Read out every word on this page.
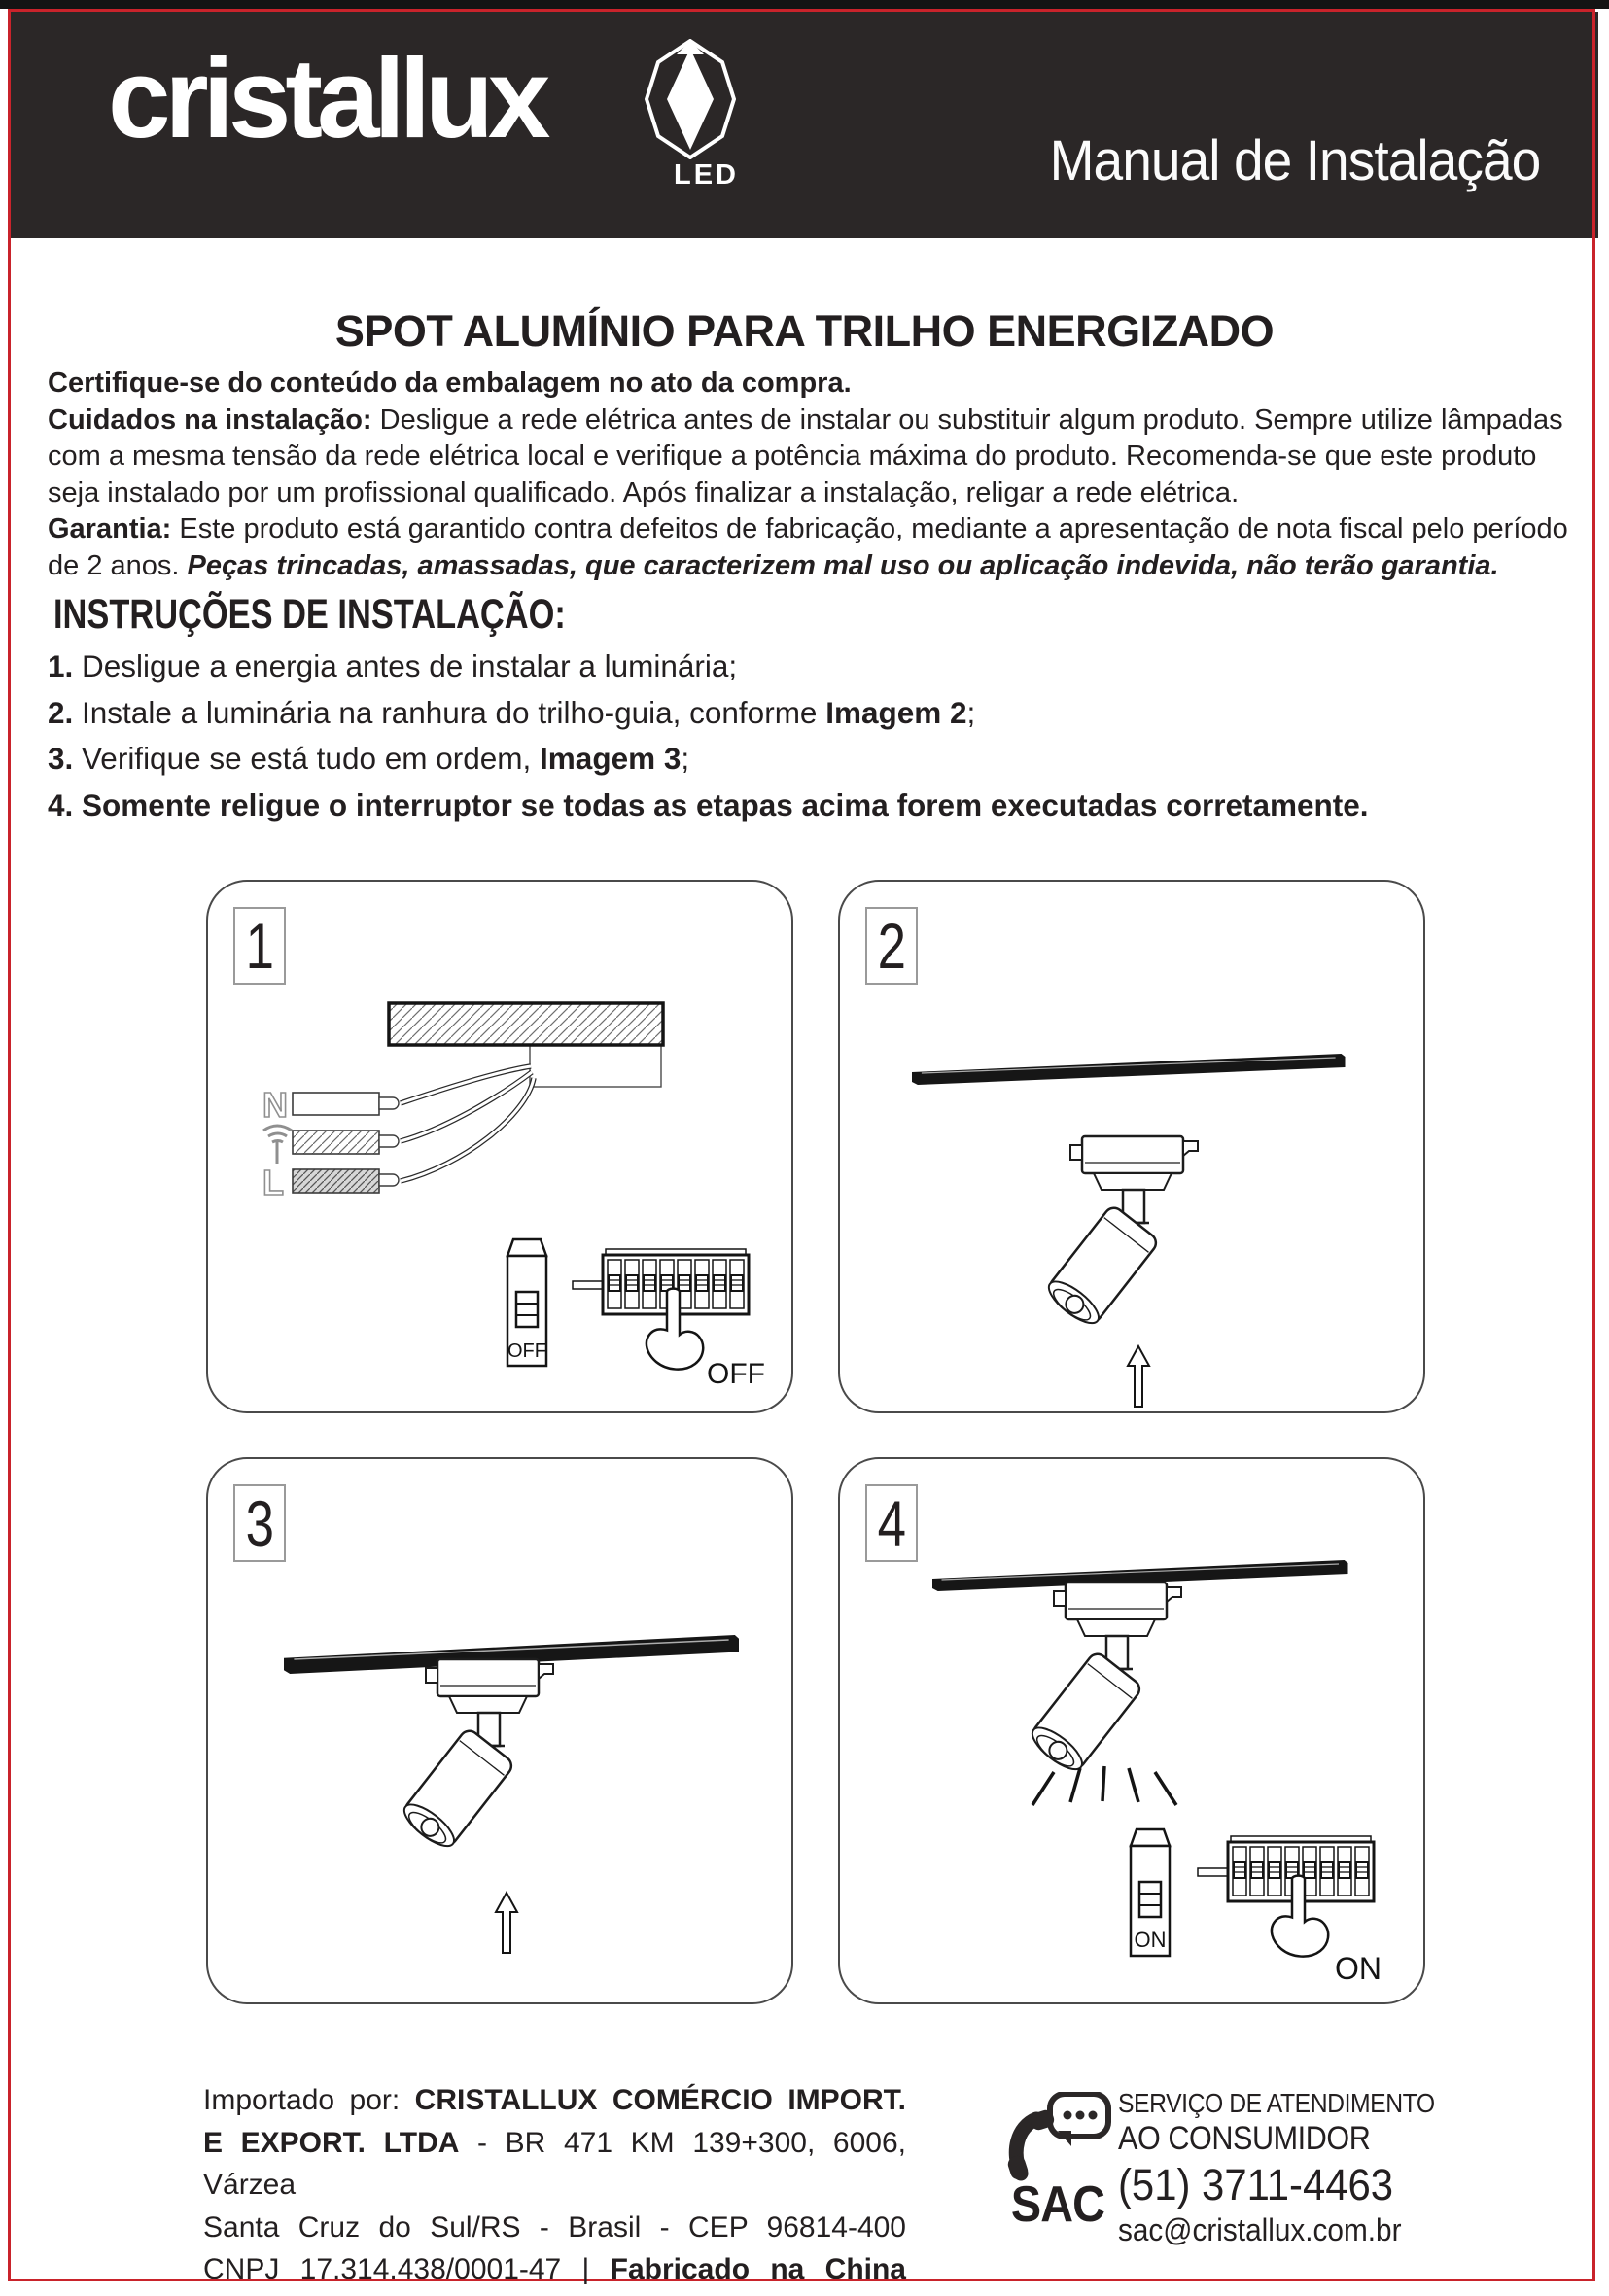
cristallux
LED	Manual de Instalação
SPOT ALUMÍNIO PARA TRILHO ENERGIZADO
Certifique-se do conteúdo da embalagem no ato da compra.
Cuidados na instalação: Desligue a rede elétrica antes de instalar ou substituir algum produto. Sempre utilize lâmpadas com a mesma tensão da rede elétrica local e verifique a potência máxima do produto. Recomenda-se que este produto seja instalado por um profissional qualificado. Após finalizar a instalação, religar a rede elétrica.
Garantia: Este produto está garantido contra defeitos de fabricação, mediante a apresentação de nota fiscal pelo período de 2 anos. Peças trincadas, amassadas, que caracterizem mal uso ou aplicação indevida, não terão garantia.
INSTRUÇÕES DE INSTALAÇÃO:
1. Desligue a energia antes de instalar a luminária;
2. Instale a luminária na ranhura do trilho-guia, conforme Imagem 2;
3. Verifique se está tudo em ordem, Imagem 3;
4. Somente religue o interruptor se todas as etapas acima forem executadas corretamente.
N
L
OFF
OFF
1	2
3
ON
ON
4
Importado por: CRISTALLUX COMÉRCIO IMPORT.
E EXPORT. LTDA - BR 471 KM 139+300, 6006, Várzea
Santa Cruz do Sul/RS - Brasil - CEP 96814-400
CNPJ 17.314.438/0001-47 | Fabricado na China
SAC
SERVIÇO DE ATENDIMENTO
AO CONSUMIDOR
(51) 3711-4463
sac@cristallux.com.br
